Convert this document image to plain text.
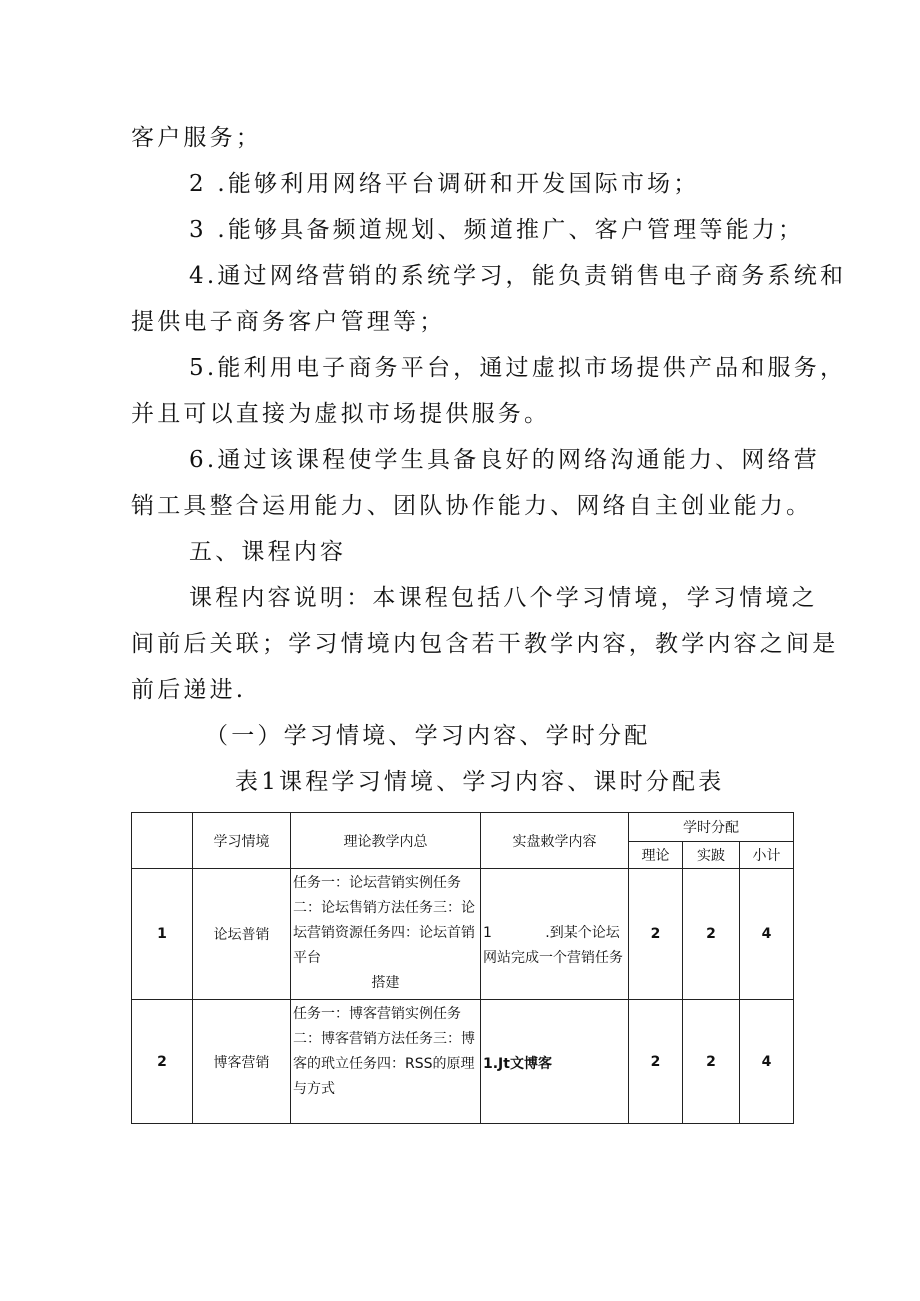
客户服务；
2 .能够利用网络平台调研和开发国际市场；
3 .能够具备频道规划、频道推广、客户管理等能力；
4.通过网络营销的系统学习，能负责销售电子商务系统和
提供电子商务客户管理等；
5.能利用电子商务平台，通过虚拟市场提供产品和服务，
并且可以直接为虚拟市场提供服务。
6.通过该课程使学生具备良好的网络沟通能力、网络营
销工具整合运用能力、团队协作能力、网络自主创业能力。
五、课程内容
课程内容说明：本课程包括八个学习情境，学习情境之
间前后关联；学习情境内包含若干教学内容，教学内容之间是
前后递进.
（一）学习情境、学习内容、学时分配
表1课程学习情境、学习内容、课时分配表
	学习情境	理论教学内总	实盘敕学内容	学时分配		
				理论	实跛	小计
1	论坛普销	任务一：论坛营销实例任务二：论坛售销方法任务三：论坛营销资源任务四：论坛首销平台
搭建	1            .到某个论坛网站完成一个营销任务	2	2	4
2	博客营销	任务一：博客营销实例任务二：博客营销方法任务三：博客的玳立任务四：RSS的原理与方式	1.Jt文博客	2	2	4
